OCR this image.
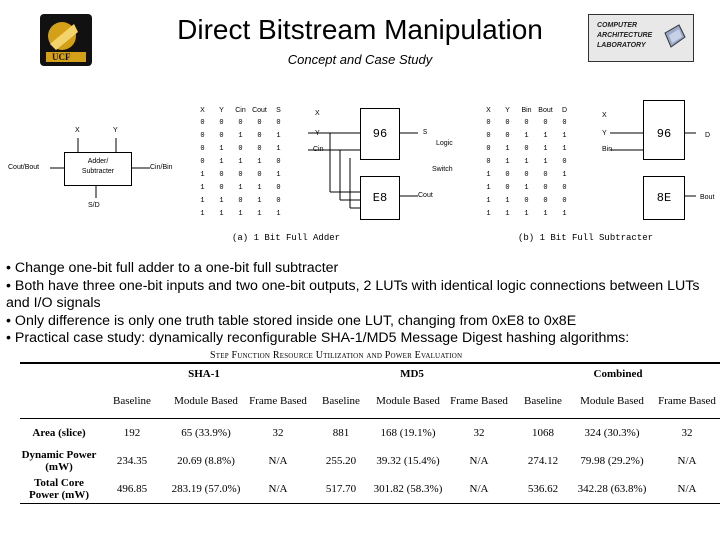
UCF
Direct Bitstream Manipulation
Concept and Case Study
COMPUTER
ARCHITECTURE
LABORATORY
X	Y
Adder/ Subtracter
Cout/Bout	Cin/Bin
S/D
X	Y	Cin	Cout	S
0	0	0	0	0
0	0	1	0	1
0	1	0	0	1
0	1	1	1	0
1	0	0	0	1
1	0	1	1	0
1	1	0	1	0
1	1	1	1	1
X
Y
Cin
96
E8
S
Logic
Switch
Cout
(a) 1 Bit Full Adder
X	Y	Bin	Bout	D
0	0	0	0	0
0	0	1	1	1
0	1	0	1	1
0	1	1	1	0
1	0	0	0	1
1	0	1	0	0
1	1	0	0	0
1	1	1	1	1
X
Y
Bin
96
8E
D
Bout
(b) 1 Bit Full Subtracter
• Change one-bit full adder to a one-bit full subtracter
• Both have three one-bit inputs and two one-bit outputs, 2 LUTs with identical logic connections between LUTs and I/O signals
• Only difference is only one truth table stored inside one LUT, changing from 0xE8 to 0x8E
• Practical case study: dynamically reconfigurable SHA-1/MD5 Message Digest hashing algorithms:
Step Function Resource Utilization and Power Evaluation
	SHA-1			MD5			Combined		
	Baseline	Module Based	Frame Based	Baseline	Module Based	Frame Based	Baseline	Module Based	Frame Based
Area (slice)	192	65 (33.9%)	32	881	168 (19.1%)	32	1068	324 (30.3%)	32
Dynamic Power (mW)	234.35	20.69 (8.8%)	N/A	255.20	39.32 (15.4%)	N/A	274.12	79.98 (29.2%)	N/A
Total Core Power (mW)	496.85	283.19 (57.0%)	N/A	517.70	301.82 (58.3%)	N/A	536.62	342.28 (63.8%)	N/A
